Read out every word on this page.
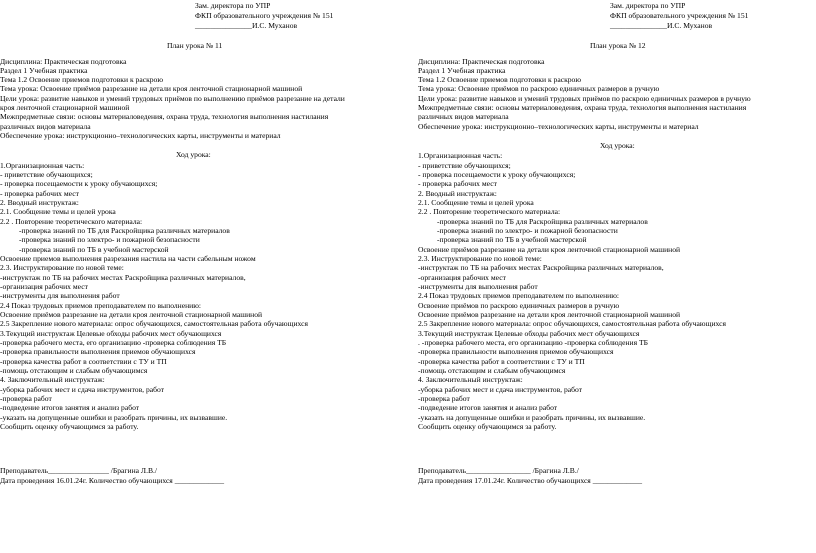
Зам. директора по УПР
ФКП образовательного учреждения № 151
_______________И.С. Муханов
План урока № 11
Дисциплина: Практическая подготовка
Раздел 1 Учебная практика
Тема 1.2 Освоение приемов подготовки к раскрою
Тема урока: Освоение приёмов разрезание на детали кроя ленточной стационарной машиной
Цели урока: развитие навыков и умений трудовых приёмов по выполнению приёмов разрезание на детали
кроя ленточной стационарной машиной
Межпредметные связи: основы материаловедения, охрана труда, технология выполнения настилания
различных видов материала
Обеспечение урока: инструкционно–технологических карты, инструменты и материал
Ход урока:
1.Организационная часть:
- приветствие обучающихся;
- проверка посещаемости к уроку обучающихся;
- проверка рабочих мест
2. Вводный инструктаж:
2.1. Сообщение темы и целей урока
2.2 . Повторение теоретического материала:
-проверка знаний по ТБ для Раскройщика различных материалов
-проверка знаний по электро- и пожарной безопасности
-проверка знаний по ТБ в учебной мастерской
Освоение приемов выполнения разрезания настила на части сабельным ножом
2.3. Инструктирование по новой теме:
-инструктаж по ТБ на рабочих местах Раскройщика различных материалов,
-организация рабочих мест
-инструменты для выполнения работ
2.4 Показ трудовых приемов преподавателем по выполнению:
Освоение приёмов разрезание на детали кроя ленточной стационарной машиной
2.5 Закрепление нового материала: опрос обучающихся, самостоятельная работа обучающихся
3.Текущий инструктаж Целевые обходы рабочих мест обучающихся
-проверка рабочего места, его организацию -проверка соблюдения ТБ
-проверка правильности выполнения приемов обучающихся
-проверка качества работ в соответствии с ТУ и ТП
-помощь отстающим и слабым обучающимся
4. Заключительный инструктаж:
-уборка рабочих мест и сдача инструментов, работ
-проверка работ
-подведение итогов занятия и анализ работ
-указать на допущенные ошибки и разобрать причины, их вызвавшие.
Сообщить оценку обучающимся за работу.
Преподаватель________________ /Брагина Л.В./
Дата проведения 16.01.24г. Количество обучающихся _____________
Зам. директора по УПР
ФКП образовательного учреждения № 151
_______________И.С. Муханов
План урока № 12
Дисциплина: Практическая подготовка
Раздел 1 Учебная практика
Тема 1.2 Освоение приемов подготовки к раскрою
Тема урока: Освоение приёмов по раскрою единичных размеров в ручную
Цели урока: развитие навыков и умений трудовых приёмов по раскрою единичных размеров в ручную
Межпредметные связи: основы материаловедения, охрана труда, технология выполнения настилания
различных видов материала
Обеспечение урока: инструкционно–технологических карты, инструменты и материал
Ход урока:
1.Организационная часть:
- приветствие обучающихся;
- проверка посещаемости к уроку обучающихся;
- проверка рабочих мест
2. Вводный инструктаж:
2.1. Сообщение темы и целей урока
2.2 . Повторение теоретического материала:
-проверка знаний по ТБ для Раскройщика различных материалов
-проверка знаний по электро- и пожарной безопасности
-проверка знаний по ТБ в учебной мастерской
Освоение приёмов разрезание на детали кроя ленточной стационарной машиной
2.3. Инструктирование по новой теме:
-инструктаж по ТБ на рабочих местах Раскройщика различных материалов,
-организация рабочих мест
-инструменты для выполнения работ
2.4 Показ трудовых приемов преподавателем по выполнению:
Освоение приёмов по раскрою единичных размеров в ручную
Освоение приёмов разрезание на детали кроя ленточной стационарной машиной
2.5 Закрепление нового материала: опрос обучающихся, самостоятельная работа обучающихся
3.Текущий инструктаж Целевые обходы рабочих мест обучающихся
. -проверка рабочего места, его организацию -проверка соблюдения ТБ
-проверка правильности выполнения приемов обучающихся
-проверка качества работ в соответствии с ТУ и ТП
-помощь отстающим и слабым обучающимся
4. Заключительный инструктаж:
-уборка рабочих мест и сдача инструментов, работ
-проверка работ
-подведение итогов занятия и анализ работ
-указать на допущенные ошибки и разобрать причины, их вызвавшие.
Сообщить оценку обучающимся за работу.
Преподаватель_________________ /Брагина Л.В./
Дата проведения 17.01.24г. Количество обучающихся _____________
